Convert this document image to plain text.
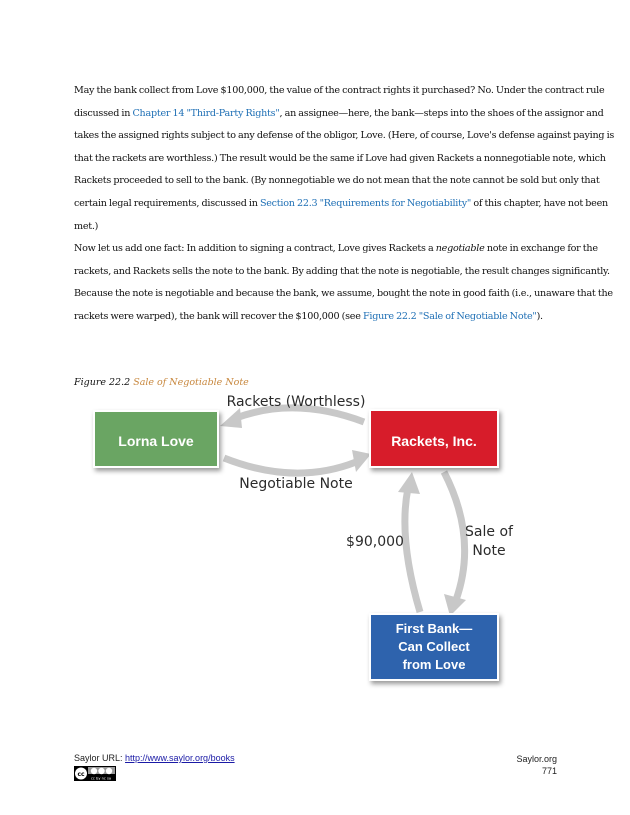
May the bank collect from Love $100,000, the value of the contract rights it purchased? No. Under the contract rule
discussed in Chapter 14 "Third-Party Rights", an assignee—here, the bank—steps into the shoes of the assignor and
takes the assigned rights subject to any defense of the obligor, Love. (Here, of course, Love's defense against paying is
that the rackets are worthless.) The result would be the same if Love had given Rackets a nonnegotiable note, which
Rackets proceeded to sell to the bank. (By nonnegotiable we do not mean that the note cannot be sold but only that
certain legal requirements, discussed in Section 22.3 "Requirements for Negotiability" of this chapter, have not been
met.)
Now let us add one fact: In addition to signing a contract, Love gives Rackets a negotiable note in exchange for the
rackets, and Rackets sells the note to the bank. By adding that the note is negotiable, the result changes significantly.
Because the note is negotiable and because the bank, we assume, bought the note in good faith (i.e., unaware that the
rackets were warped), the bank will recover the $100,000 (see Figure 22.2 "Sale of Negotiable Note").
Figure 22.2 Sale of Negotiable Note
Lorna Love	Rackets, Inc.
First Bank—
Can Collect
from Love
Rackets (Worthless)
Negotiable Note
$90,000
Sale of
Note
Saylor URL: http://www.saylor.org/books	Saylor.org
771
cc
cc by nc sa
